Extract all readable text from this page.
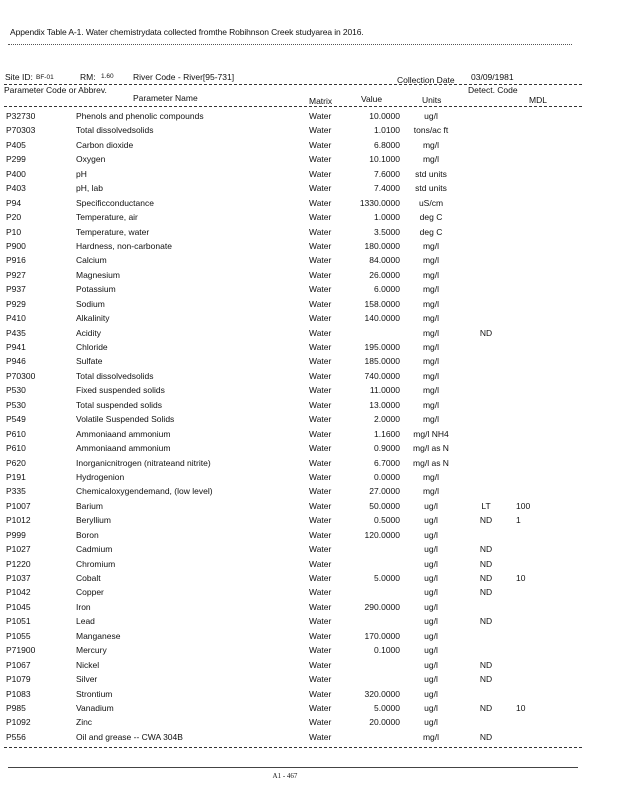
Appendix Table A-1. Water chemistrydata collected fromthe Robihnson Creek studyarea in 2016.
Site ID: BF-01	RM: 1.60 River Code - River[95-731]	Collection Date 03/09/1981
Parameter Code or Abbrev.
Parameter Name	Matrix	Value	Units
Detect. Code
MDL
P32730	Phenols and phenolic compounds	Water	10.0000	ug/l
P70303	Total dissolvedsolids	Water	1.0100	tons/ac ft
P405	Carbon dioxide	Water	6.8000	mg/l
P299	Oxygen	Water	10.1000	mg/l
P400	pH	Water	7.6000	std units
P403	pH, lab	Water	7.4000	std units
P94	Specificconductance	Water	1330.0000	uS/cm
P20	Temperature, air	Water	1.0000	deg C
P10	Temperature, water	Water	3.5000	deg C
P900	Hardness, non-carbonate	Water	180.0000	mg/l
P916	Calcium	Water	84.0000	mg/l
P927	Magnesium	Water	26.0000	mg/l
P937	Potassium	Water	6.0000	mg/l
P929	Sodium	Water	158.0000	mg/l
P410	Alkalinity	Water	140.0000	mg/l
P435	Acidity	Water	mg/l	ND
P941	Chloride	Water	195.0000	mg/l
P946	Sulfate	Water	185.0000	mg/l
P70300	Total dissolvedsolids	Water	740.0000	mg/l
P530	Fixed suspended solids	Water	11.0000	mg/l
P530	Total suspended solids	Water	13.0000	mg/l
P549	Volatile Suspended Solids	Water	2.0000	mg/l
P610	Ammoniaand ammonium	Water	1.1600	mg/l NH4
P610	Ammoniaand ammonium	Water	0.9000	mg/l as N
P620	Inorganicnitrogen (nitrateand nitrite)	Water	6.7000	mg/l as N
P191	Hydrogenion	Water	0.0000	mg/l
P335	Chemicaloxygendemand, (low level)	Water	27.0000	mg/l
P1007	Barium	Water	50.0000	ug/l	LT	100
P1012	Beryllium	Water	0.5000	ug/l	ND	1
P999	Boron	Water	120.0000	ug/l
P1027	Cadmium	Water	ug/l	ND
P1220	Chromium	Water	ug/l	ND
P1037	Cobalt	Water	5.0000	ug/l	ND	10
P1042	Copper	Water	ug/l	ND
P1045	Iron	Water	290.0000	ug/l
P1051	Lead	Water	ug/l	ND
P1055	Manganese	Water	170.0000	ug/l
P71900	Mercury	Water	0.1000	ug/l
P1067	Nickel	Water	ug/l	ND
P1079	Silver	Water	ug/l	ND
P1083	Strontium	Water	320.0000	ug/l
P985	Vanadium	Water	5.0000	ug/l	ND	10
P1092	Zinc	Water	20.0000	ug/l
P556	Oil and grease -- CWA 304B	Water	mg/l	ND
A1 - 467
